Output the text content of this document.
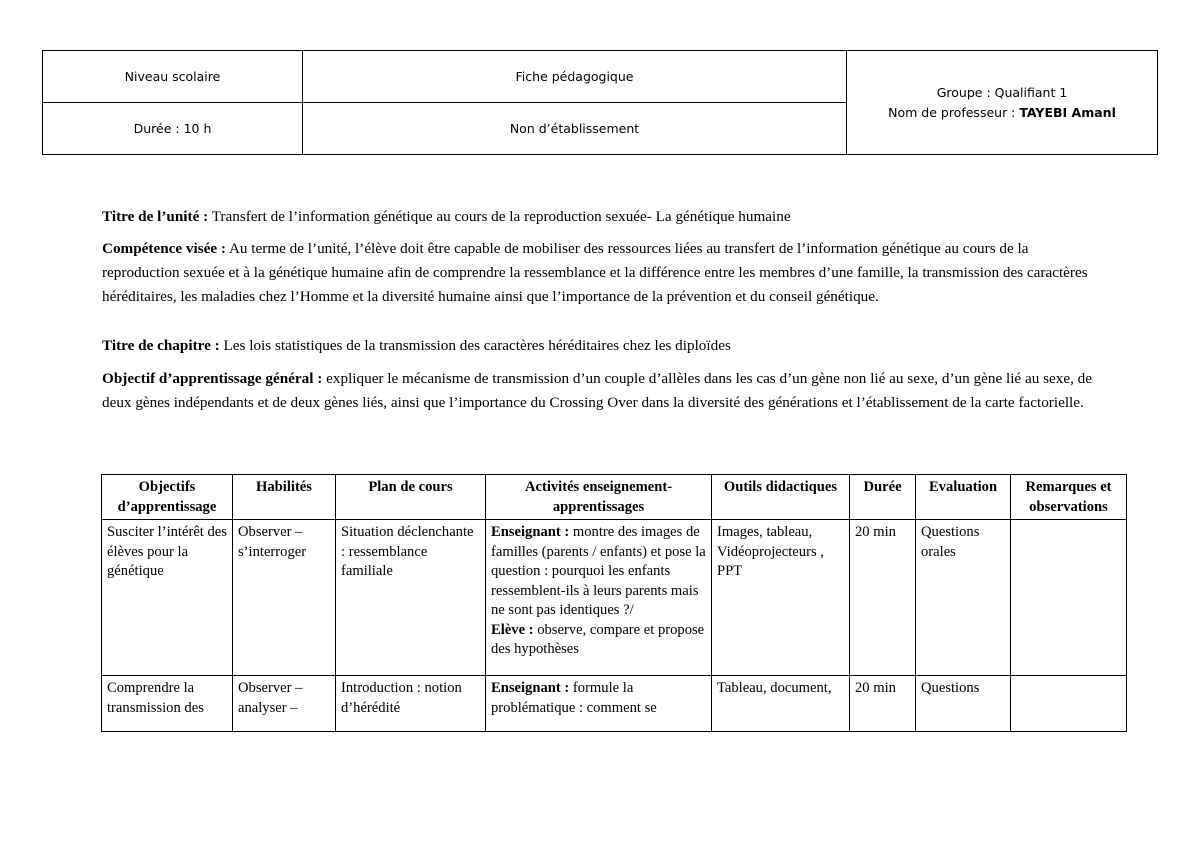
Niveau scolaire	Fiche pédagogique	Groupe : Qualifiant 1
Nom de professeur : TAYEBI Amanl

Durée : 10 h	Non d’établissement	

Titre de l’unité : Transfert de l’information génétique au cours de la reproduction sexuée- La génétique humaine

Compétence visée : Au terme de l’unité, l’élève doit être capable de mobiliser des ressources liées au transfert de l’information génétique au cours de la reproduction sexuée et à la génétique humaine afin de comprendre la ressemblance et la différence entre les membres d’une famille, la transmission des caractères héréditaires, les maladies chez l’Homme et la diversité humaine ainsi que l’importance de la prévention et du conseil génétique.

Titre de chapitre : Les lois statistiques de la transmission des caractères héréditaires chez les diploïdes

Objectif d’apprentissage général : expliquer le mécanisme de transmission d’un couple d’allèles dans les cas d’un gène non lié au sexe, d’un gène lié au sexe, de deux gènes indépendants et de deux gènes liés, ainsi que l’importance du Crossing Over dans la diversité des générations et l’établissement de la carte factorielle.

Objectifs d’apprentissage	Habilités	Plan de cours	Activités enseignement-apprentissages	Outils didactiques	Durée	Evaluation	Remarques et observations
Susciter l’intérêt des élèves pour la génétique	Observer – s’interroger	Situation déclenchante : ressemblance familiale	Enseignant : montre des images de familles (parents / enfants) et pose la question : pourquoi les enfants ressemblent-ils à leurs parents mais ne sont pas identiques ?/
Elève : observe, compare et propose des hypothèses	Images, tableau, Vidéoprojecteurs , PPT	20 min	Questions orales	
Comprendre la transmission des	Observer – analyser –	Introduction : notion d’hérédité	Enseignant : formule la problématique : comment se	Tableau, document,	20 min	Questions	
